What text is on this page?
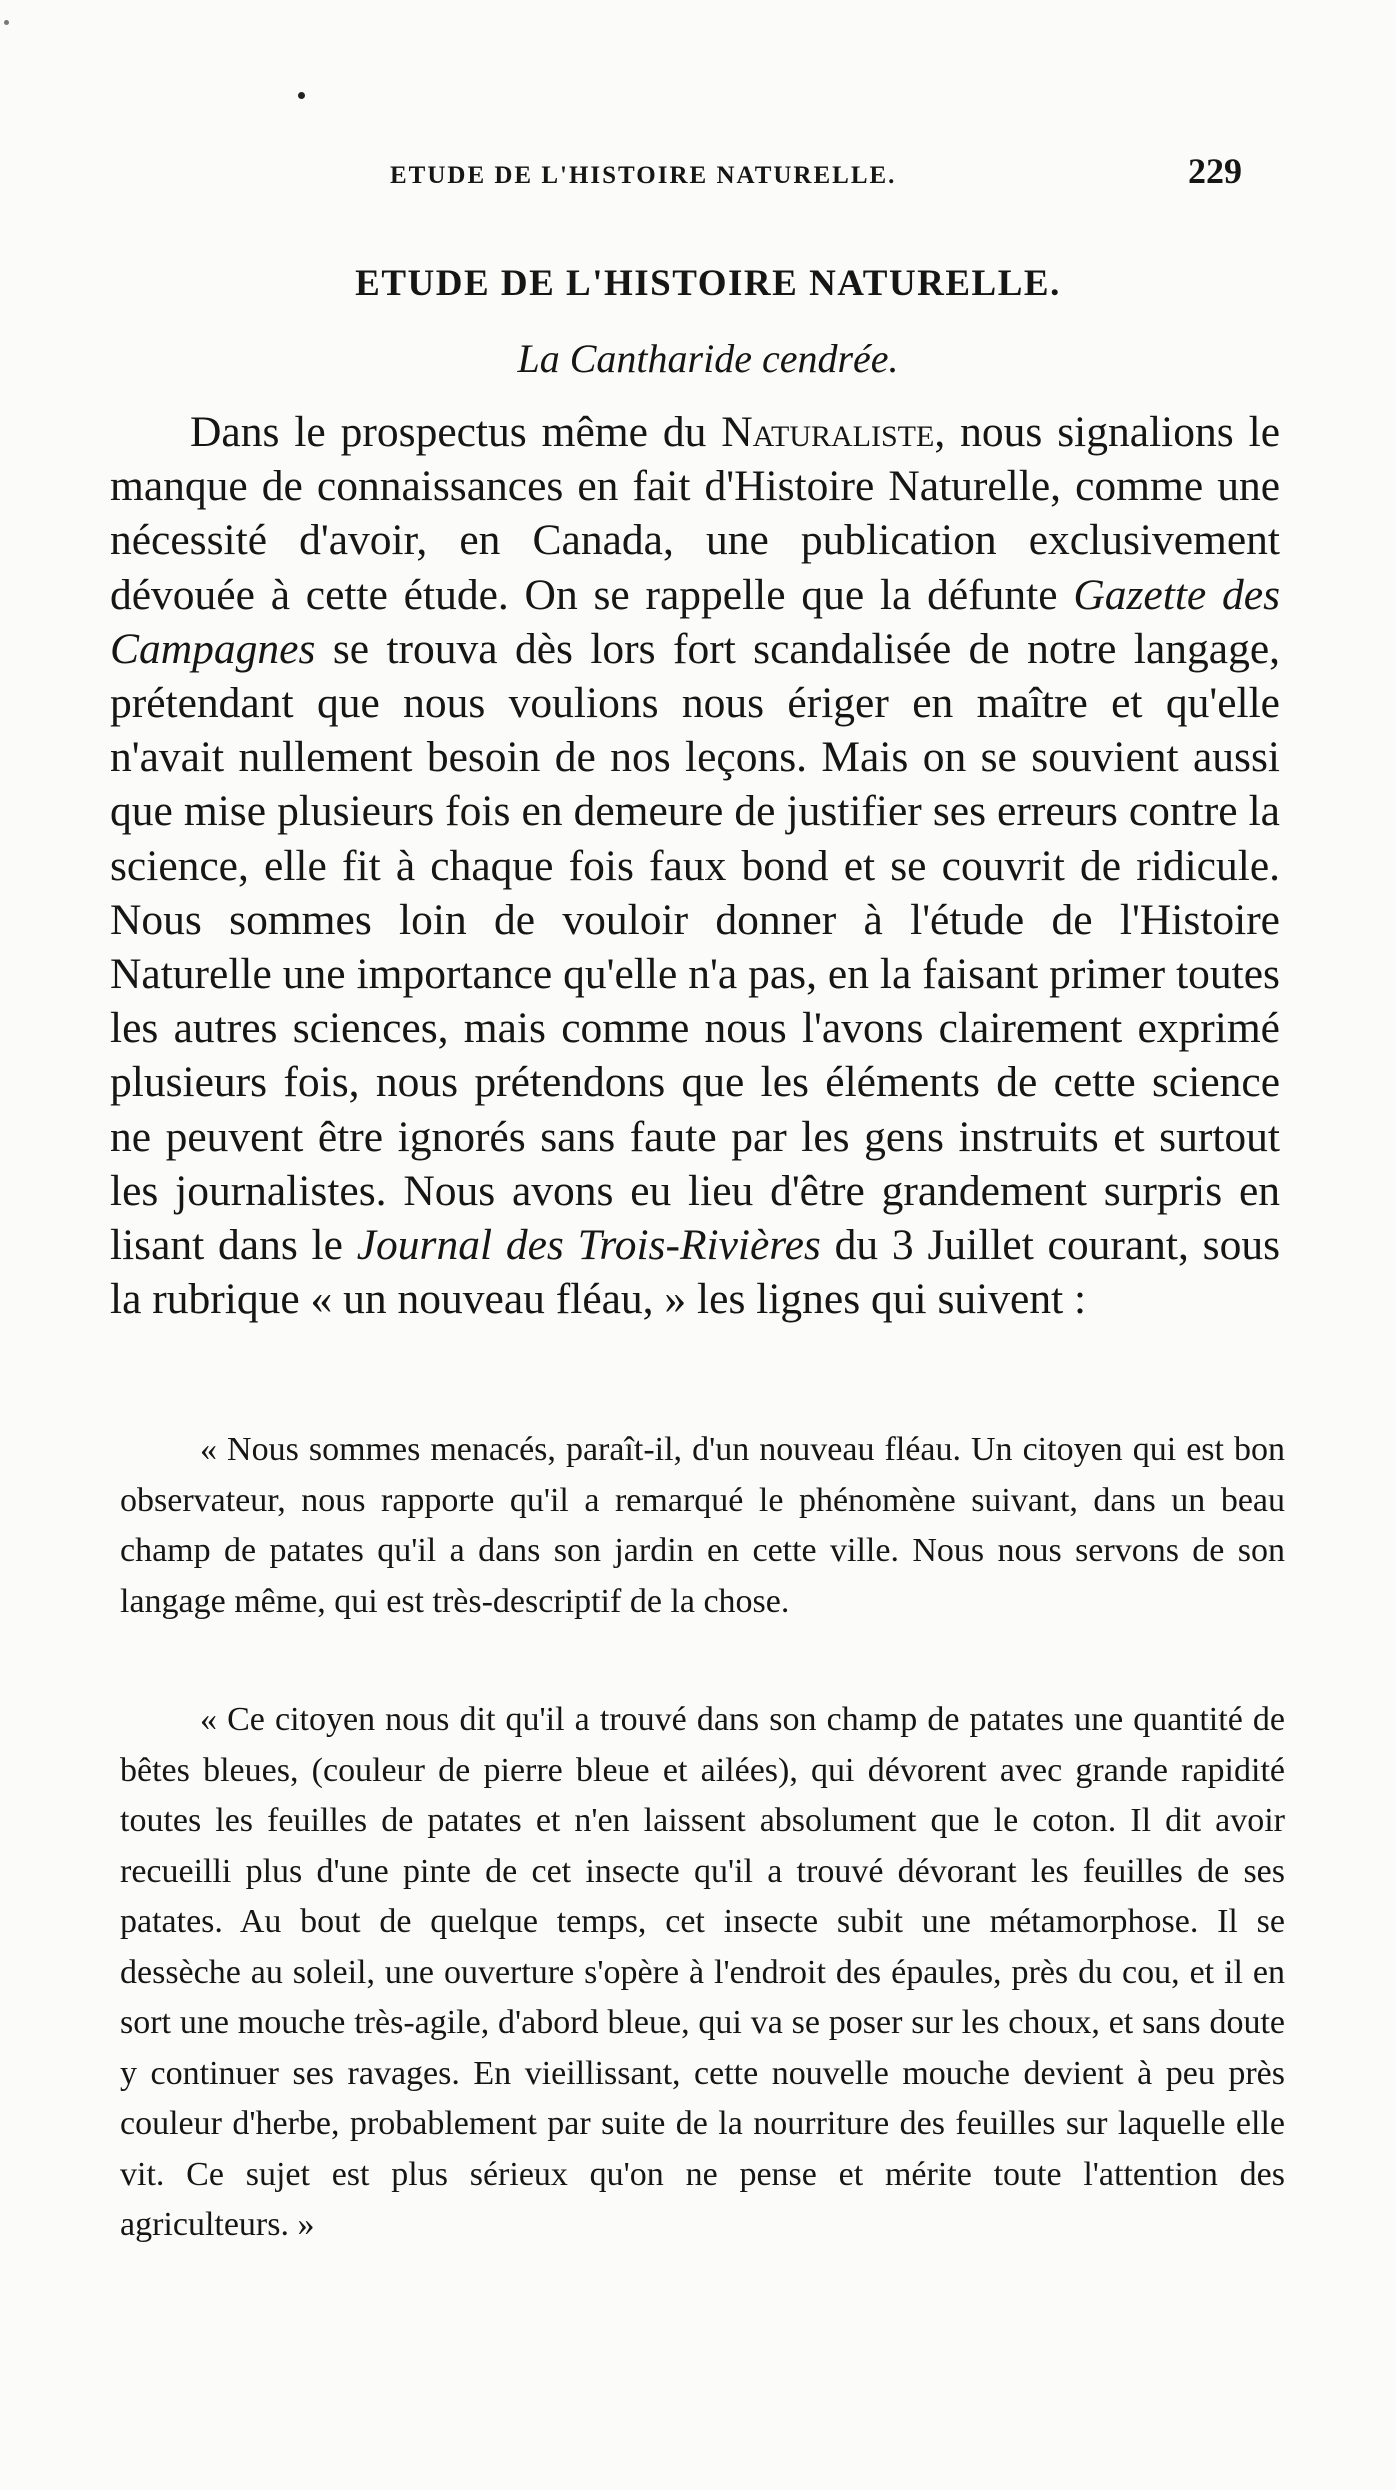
ETUDE DE L'HISTOIRE NATURELLE.	229
ETUDE DE L'HISTOIRE NATURELLE.
La Cantharide cendrée.

Dans le prospectus même du Naturaliste, nous signalions le manque de connaissances en fait d'Histoire Naturelle, comme une nécessité d'avoir, en Canada, une publication exclusivement dévouée à cette étude. On se rappelle que la défunte Gazette des Campagnes se trouva dès lors fort scandalisée de notre langage, prétendant que nous voulions nous ériger en maître et qu'elle n'avait nullement besoin de nos leçons. Mais on se souvient aussi que mise plusieurs fois en demeure de justifier ses erreurs contre la science, elle fit à chaque fois faux bond et se couvrit de ridicule. Nous sommes loin de vouloir donner à l'étude de l'Histoire Naturelle une importance qu'elle n'a pas, en la faisant primer toutes les autres sciences, mais comme nous l'avons clairement exprimé plusieurs fois, nous prétendons que les éléments de cette science ne peuvent être ignorés sans faute par les gens instruits et surtout les journalistes. Nous avons eu lieu d'être grandement surpris en lisant dans le Journal des Trois-Rivières du 3 Juillet courant, sous la rubrique « un nouveau fléau, » les lignes qui suivent :

« Nous sommes menacés, paraît-il, d'un nouveau fléau. Un citoyen qui est bon observateur, nous rapporte qu'il a remarqué le phénomène suivant, dans un beau champ de patates qu'il a dans son jardin en cette ville. Nous nous servons de son langage même, qui est très-descriptif de la chose.

« Ce citoyen nous dit qu'il a trouvé dans son champ de patates une quantité de bêtes bleues, (couleur de pierre bleue et ailées), qui dévorent avec grande rapidité toutes les feuilles de patates et n'en laissent absolument que le coton. Il dit avoir recueilli plus d'une pinte de cet insecte qu'il a trouvé dévorant les feuilles de ses patates. Au bout de quelque temps, cet insecte subit une métamorphose. Il se dessèche au soleil, une ouverture s'opère à l'endroit des épaules, près du cou, et il en sort une mouche très-agile, d'abord bleue, qui va se poser sur les choux, et sans doute y continuer ses ravages. En vieillissant, cette nouvelle mouche devient à peu près couleur d'herbe, probablement par suite de la nourriture des feuilles sur laquelle elle vit. Ce sujet est plus sérieux qu'on ne pense et mérite toute l'attention des agriculteurs. »
